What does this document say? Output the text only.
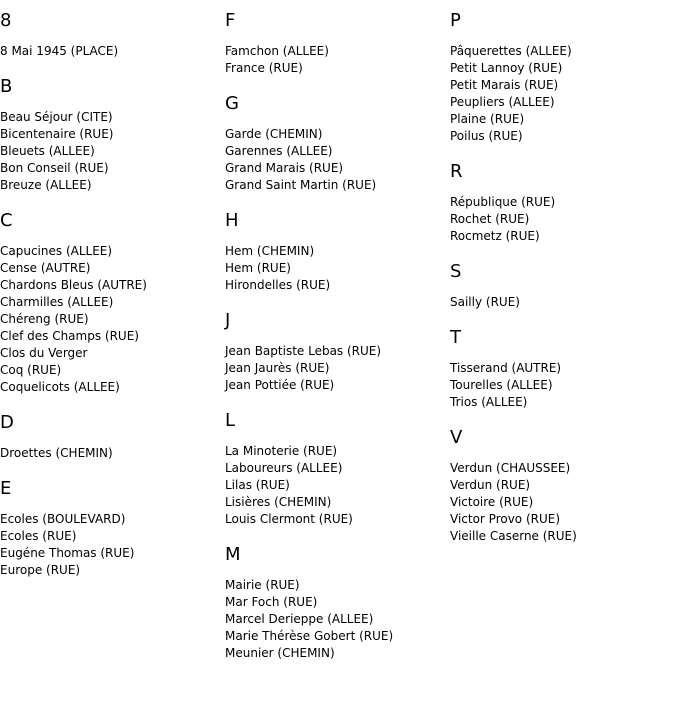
8
8 Mai 1945 (PLACE)
B
Beau Séjour (CITE)
Bicentenaire (RUE)
Bleuets (ALLEE)
Bon Conseil (RUE)
Breuze (ALLEE)
C
Capucines (ALLEE)
Cense (AUTRE)
Chardons Bleus (AUTRE)
Charmilles (ALLEE)
Chéreng (RUE)
Clef des Champs (RUE)
Clos du Verger
Coq (RUE)
Coquelicots (ALLEE)
D
Droettes (CHEMIN)
E
Ecoles (BOULEVARD)
Ecoles (RUE)
Eugéne Thomas (RUE)
Europe (RUE)
F
Famchon (ALLEE)
France (RUE)
G
Garde (CHEMIN)
Garennes (ALLEE)
Grand Marais (RUE)
Grand Saint Martin (RUE)
H
Hem (CHEMIN)
Hem (RUE)
Hirondelles (RUE)
J
Jean Baptiste Lebas (RUE)
Jean Jaurès (RUE)
Jean Pottiée (RUE)
L
La Minoterie (RUE)
Laboureurs (ALLEE)
Lilas (RUE)
Lisières (CHEMIN)
Louis Clermont (RUE)
M
Mairie (RUE)
Mar Foch (RUE)
Marcel Derieppe (ALLEE)
Marie Thérèse Gobert (RUE)
Meunier (CHEMIN)
P
Pâquerettes (ALLEE)
Petit Lannoy (RUE)
Petit Marais (RUE)
Peupliers (ALLEE)
Plaine (RUE)
Poilus (RUE)
R
République (RUE)
Rochet (RUE)
Rocmetz (RUE)
S
Sailly (RUE)
T
Tisserand (AUTRE)
Tourelles (ALLEE)
Trios (ALLEE)
V
Verdun (CHAUSSEE)
Verdun (RUE)
Victoire (RUE)
Victor Provo (RUE)
Vieille Caserne (RUE)
